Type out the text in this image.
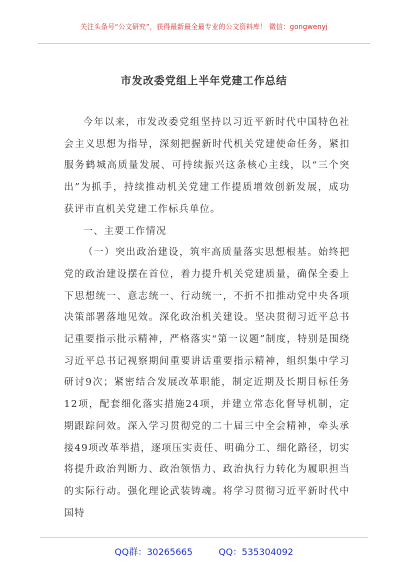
关注头条号“公文研究”，获得最新最全最专业的公文资料库！ 微信：gongwenyj
市发改委党组上半年党建工作总结

今年以来，市发改委党组坚持以习近平新时代中国特色社会主义思想为指导，深刻把握新时代机关党建使命任务，紧扣服务鹤城高质量发展、可持续振兴这条核心主线，以“三个突出”为抓手，持续推动机关党建工作提质增效创新发展，成功获评市直机关党建工作标兵单位。

一、主要工作情况

（一）突出政治建设，筑牢高质量落实思想根基。始终把党的政治建设摆在首位，着力提升机关党建质量，确保全委上下思想统一、意志统一、行动统一，不折不扣推动党中央各项决策部署落地见效。深化政治机关建设。坚决贯彻习近平总书记重要指示批示精神，严格落实“第一议题”制度，特别是围绕习近平总书记视察期间重要讲话重要指示精神，组织集中学习研讨9次；紧密结合发展改革职能，制定近期及长期目标任务12项，配套细化落实措施24项，并建立常态化督导机制，定期跟踪问效。深入学习贯彻党的二十届三中全会精神，牵头承接49项改革举措，逐项压实责任、明确分工、细化路径，切实将提升政治判断力、政治领悟力、政治执行力转化为履职担当的实际行动。强化理论武装铸魂。将学习贯彻习近平新时代中国特

QQ群：30265665	QQ：535304092
